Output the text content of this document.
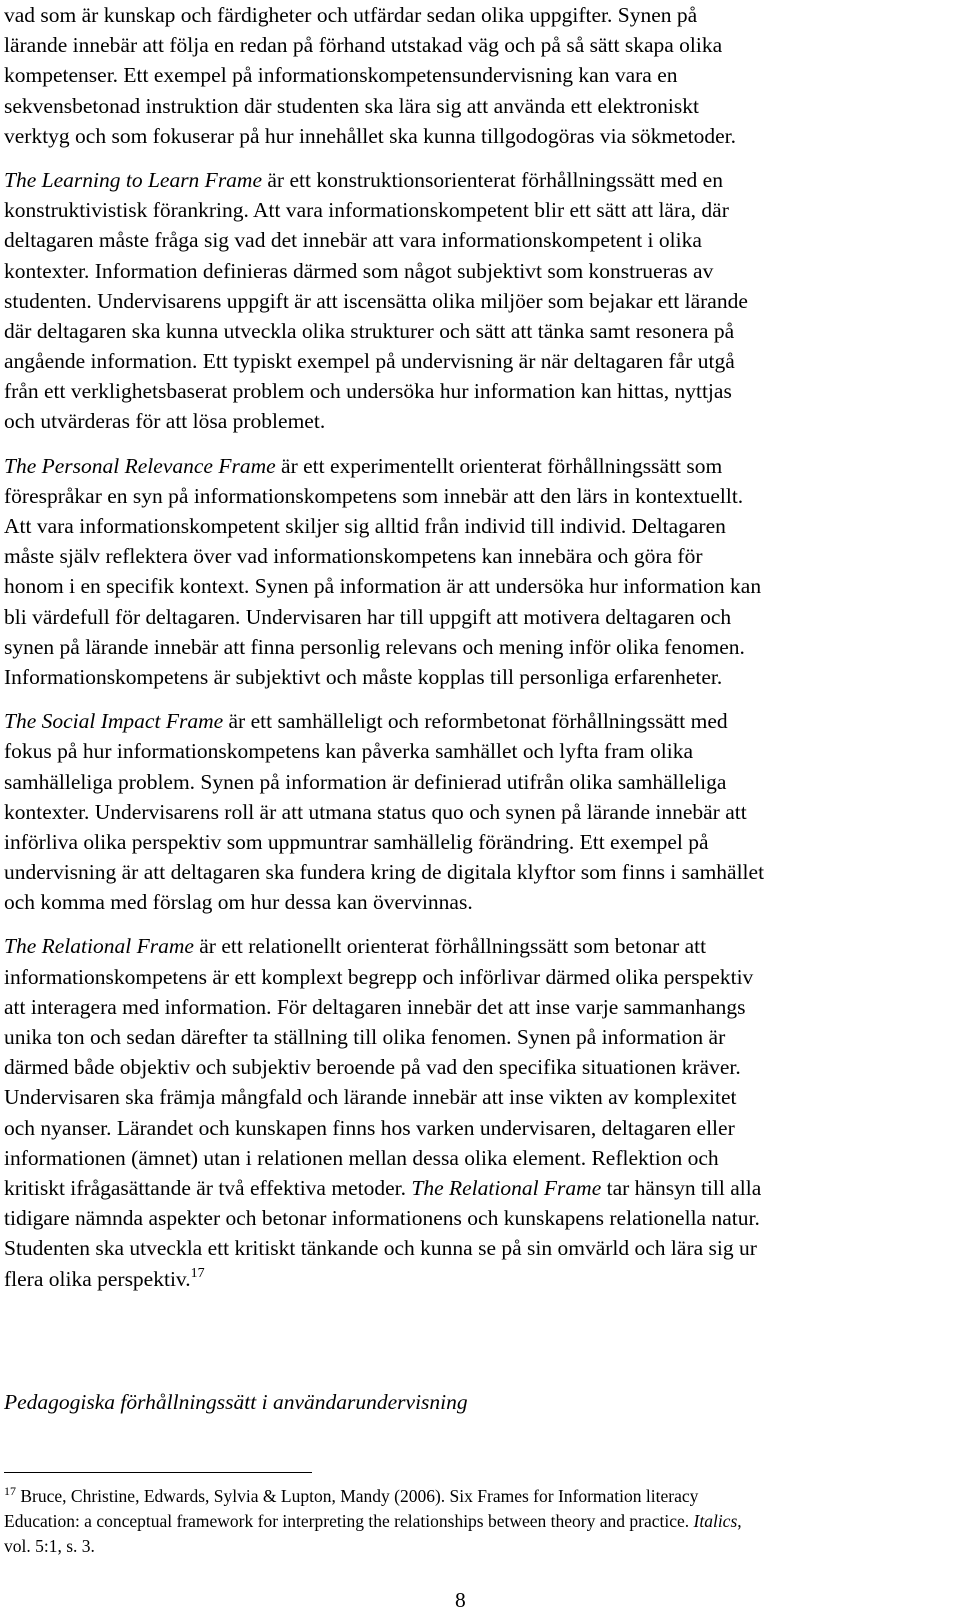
vad som är kunskap och färdigheter och utfärdar sedan olika uppgifter. Synen på
lärande innebär att följa en redan på förhand utstakad väg och på så sätt skapa olika
kompetenser. Ett exempel på informationskompetensundervisning kan vara en
sekvensbetonad instruktion där studenten ska lära sig att använda ett elektroniskt
verktyg och som fokuserar på hur innehållet ska kunna tillgodogöras via sökmetoder.
The Learning to Learn Frame är ett konstruktionsorienterat förhållningssätt med en
konstruktivistisk förankring. Att vara informationskompetent blir ett sätt att lära, där
deltagaren måste fråga sig vad det innebär att vara informationskompetent i olika
kontexter. Information definieras därmed som något subjektivt som konstrueras av
studenten. Undervisarens uppgift är att iscensätta olika miljöer som bejakar ett lärande
där deltagaren ska kunna utveckla olika strukturer och sätt att tänka samt resonera på
angående information. Ett typiskt exempel på undervisning är när deltagaren får utgå
från ett verklighetsbaserat problem och undersöka hur information kan hittas, nyttjas
och utvärderas för att lösa problemet.
The Personal Relevance Frame är ett experimentellt orienterat förhållningssätt som
förespråkar en syn på informationskompetens som innebär att den lärs in kontextuellt.
Att vara informationskompetent skiljer sig alltid från individ till individ. Deltagaren
måste själv reflektera över vad informationskompetens kan innebära och göra för
honom i en specifik kontext. Synen på information är att undersöka hur information kan
bli värdefull för deltagaren. Undervisaren har till uppgift att motivera deltagaren och
synen på lärande innebär att finna personlig relevans och mening inför olika fenomen.
Informationskompetens är subjektivt och måste kopplas till personliga erfarenheter.
The Social Impact Frame är ett samhälleligt och reformbetonat förhållningssätt med
fokus på hur informationskompetens kan påverka samhället och lyfta fram olika
samhälleliga problem. Synen på information är definierad utifrån olika samhälleliga
kontexter. Undervisarens roll är att utmana status quo och synen på lärande innebär att
införliva olika perspektiv som uppmuntrar samhällelig förändring. Ett exempel på
undervisning är att deltagaren ska fundera kring de digitala klyftor som finns i samhället
och komma med förslag om hur dessa kan övervinnas.
The Relational Frame är ett relationellt orienterat förhållningssätt som betonar att
informationskompetens är ett komplext begrepp och införlivar därmed olika perspektiv
att interagera med information. För deltagaren innebär det att inse varje sammanhangs
unika ton och sedan därefter ta ställning till olika fenomen. Synen på information är
därmed både objektiv och subjektiv beroende på vad den specifika situationen kräver.
Undervisaren ska främja mångfald och lärande innebär att inse vikten av komplexitet
och nyanser. Lärandet och kunskapen finns hos varken undervisaren, deltagaren eller
informationen (ämnet) utan i relationen mellan dessa olika element. Reflektion och
kritiskt ifrågasättande är två effektiva metoder. The Relational Frame tar hänsyn till alla
tidigare nämnda aspekter och betonar informationens och kunskapens relationella natur.
Studenten ska utveckla ett kritiskt tänkande och kunna se på sin omvärld och lära sig ur
flera olika perspektiv.$^{17}$
Pedagogiska förhållningssätt i användarundervisning
$^{17}$ Bruce, Christine, Edwards, Sylvia & Lupton, Mandy (2006). Six Frames for Information literacy
Education: a conceptual framework for interpreting the relationships between theory and practice. Italics,
vol. 5:1, s. 3.
8
